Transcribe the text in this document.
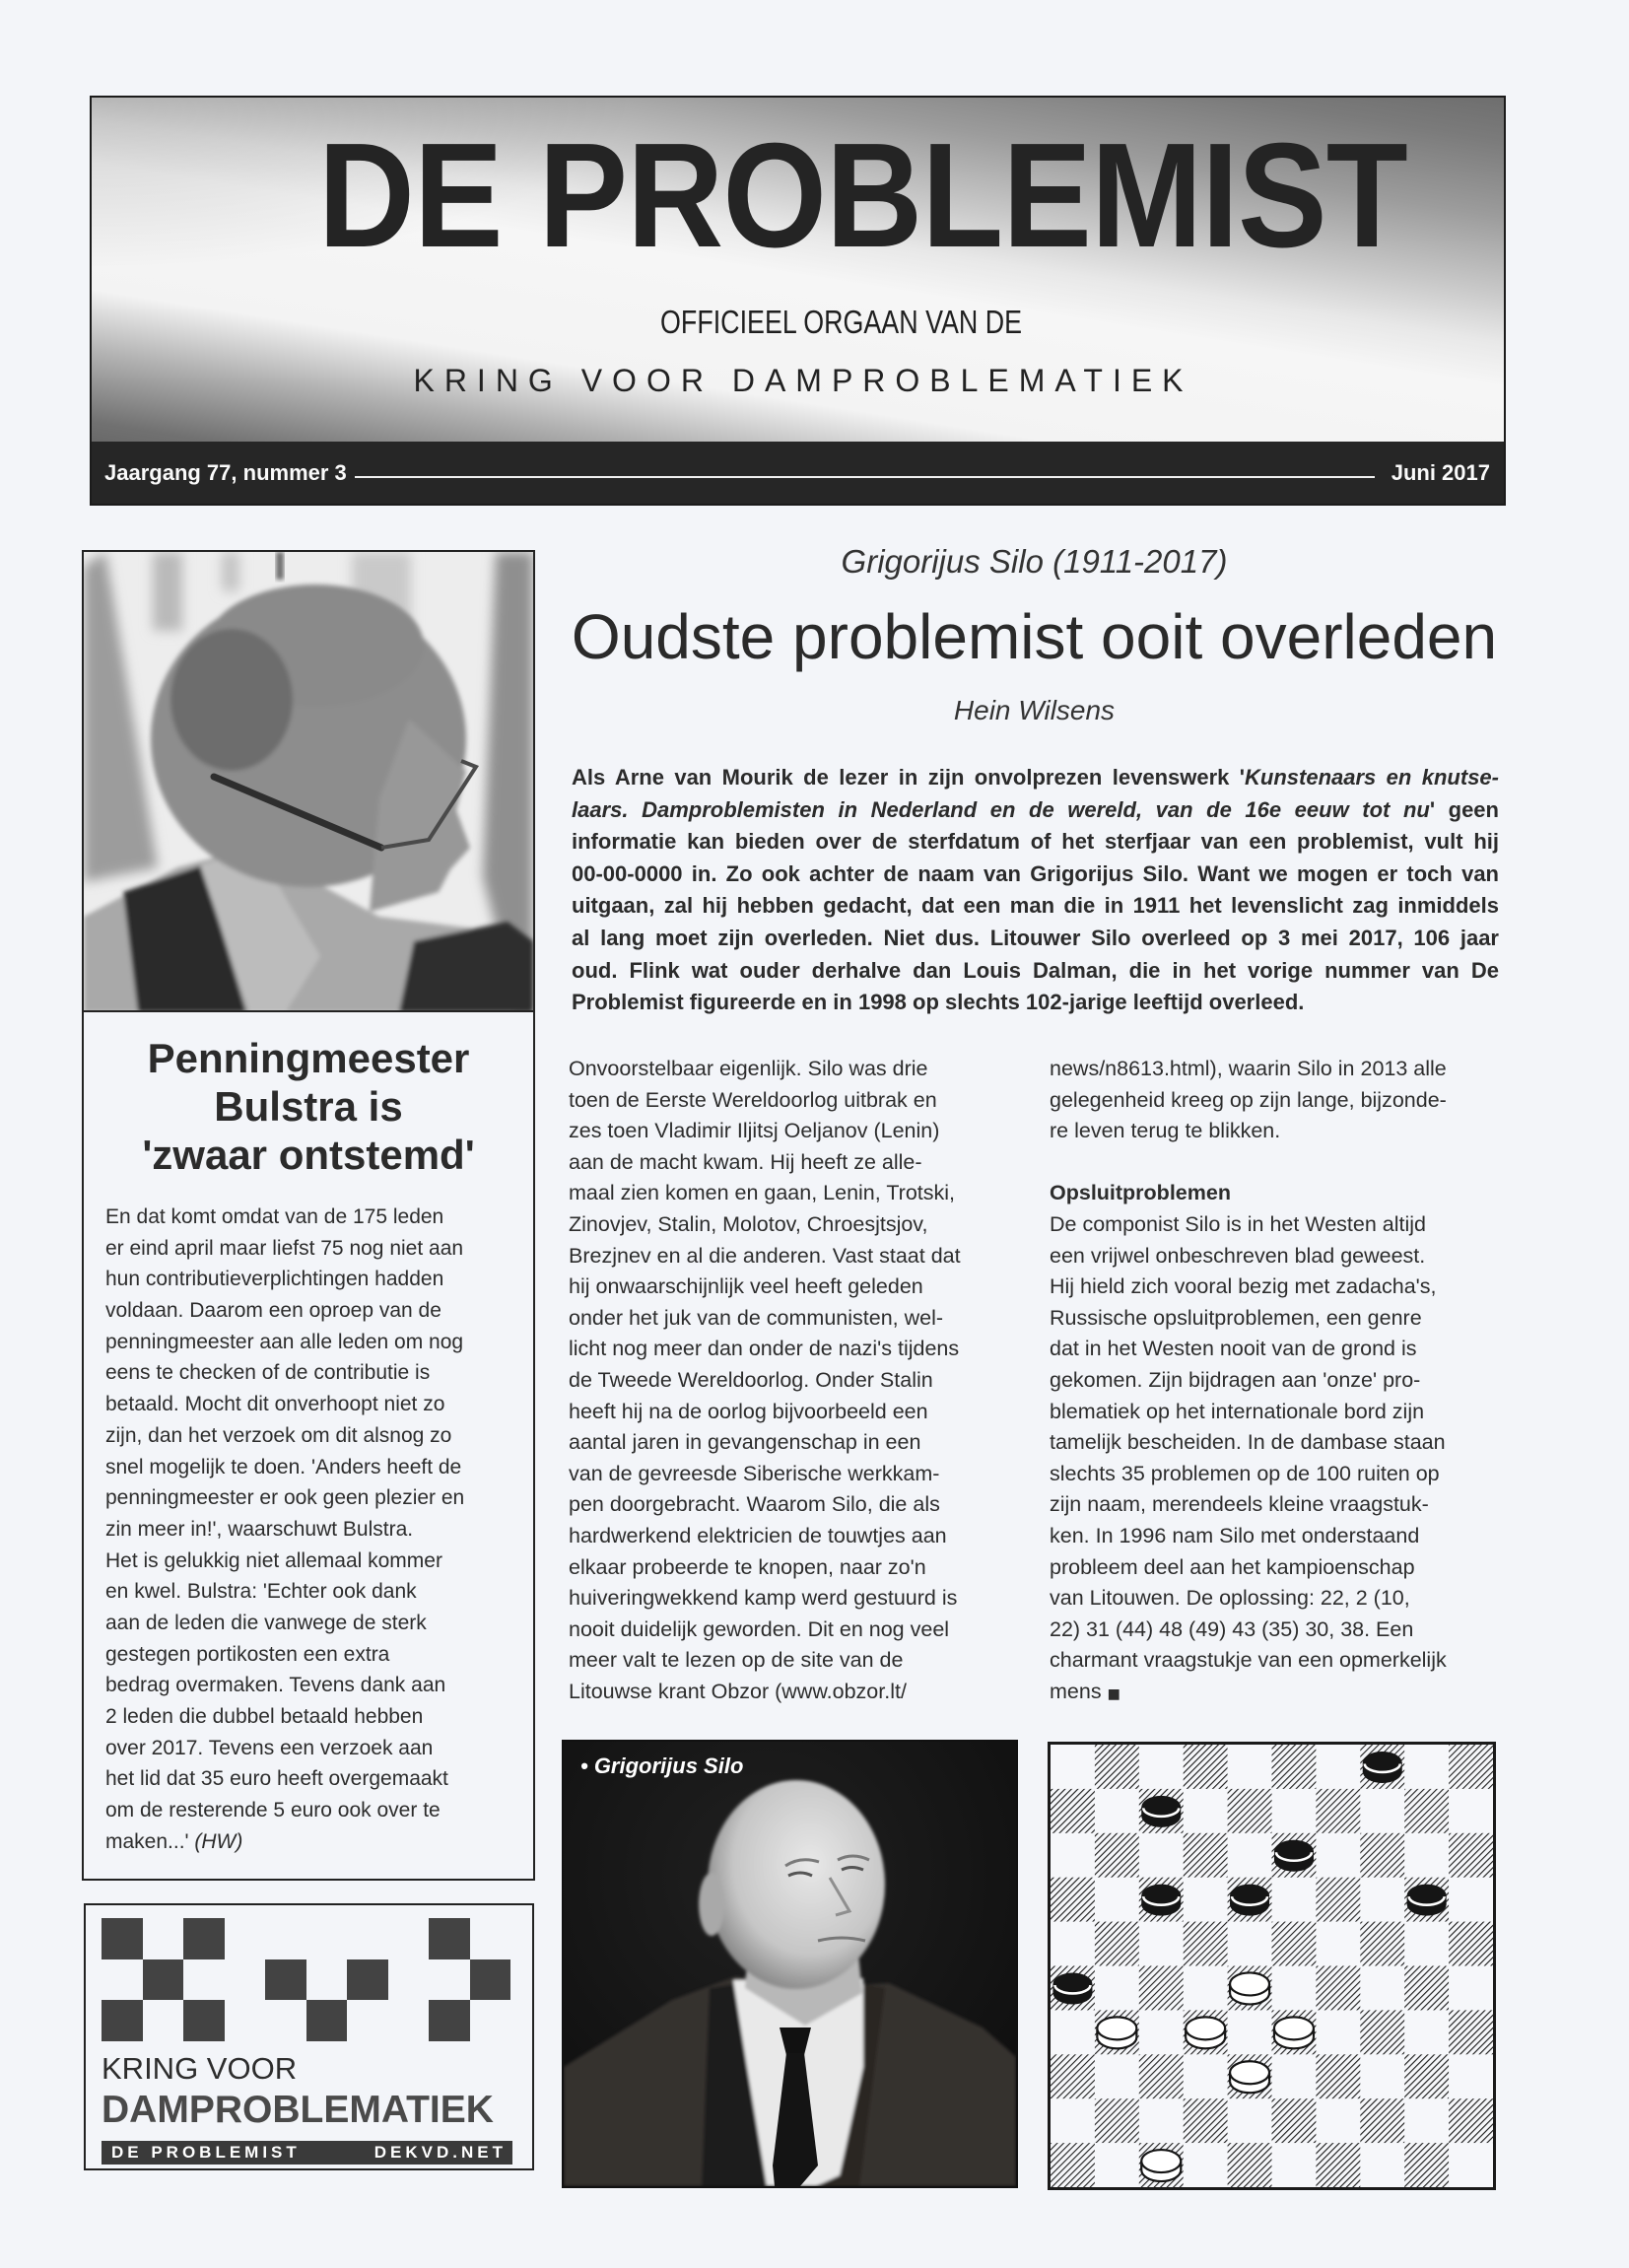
DE PROBLEMIST
OFFICIEEL ORGAAN VAN DE
KRING VOOR DAMPROBLEMATIEK
Jaargang 77, nummer 3	Juni 2017
Penningmeester
Bulstra is
'zwaar ontstemd'
En dat komt omdat van de 175 leden
er eind april maar liefst 75 nog niet aan
hun contributieverplichtingen hadden
voldaan. Daarom een oproep van de
penningmeester aan alle leden om nog
eens te checken of de contributie is
betaald. Mocht dit onverhoopt niet zo
zijn, dan het verzoek om dit alsnog zo
snel mogelijk te doen. 'Anders heeft de
penningmeester er ook geen plezier en
zin meer in!', waarschuwt Bulstra.
Het is gelukkig niet allemaal kommer
en kwel. Bulstra: 'Echter ook dank
aan de leden die vanwege de sterk
gestegen portikosten een extra
bedrag overmaken. Tevens dank aan
2 leden die dubbel betaald hebben
over 2017. Tevens een verzoek aan
het lid dat 35 euro heeft overgemaakt
om de resterende 5 euro ook over te
maken...' (HW)
KRING VOOR
DAMPROBLEMATIEK
DE PROBLEMIST	DEKVD.NET
Grigorijus Silo (1911-2017)
Oudste problemist ooit overleden
Hein Wilsens
Als Arne van Mourik de lezer in zijn onvolprezen levenswerk 'Kunstenaars en knutse-
laars. Damproblemisten in Nederland en de wereld, van de 16e eeuw tot nu' geen
informatie kan bieden over de sterfdatum of het sterfjaar van een problemist, vult hij
00-00-0000 in. Zo ook achter de naam van Grigorijus Silo. Want we mogen er toch van
uitgaan, zal hij hebben gedacht, dat een man die in 1911 het levenslicht zag inmiddels
al lang moet zijn overleden. Niet dus. Litouwer Silo overleed op 3 mei 2017, 106 jaar
oud. Flink wat ouder derhalve dan Louis Dalman, die in het vorige nummer van De
Problemist figureerde en in 1998 op slechts 102-jarige leeftijd overleed.
Onvoorstelbaar eigenlijk. Silo was drie
toen de Eerste Wereldoorlog uitbrak en
zes toen Vladimir Iljitsj Oeljanov (Lenin)
aan de macht kwam. Hij heeft ze alle-
maal zien komen en gaan, Lenin, Trotski,
Zinovjev, Stalin, Molotov, Chroesjtsjov,
Brezjnev en al die anderen. Vast staat dat
hij onwaarschijnlijk veel heeft geleden
onder het juk van de communisten, wel-
licht nog meer dan onder de nazi's tijdens
de Tweede Wereldoorlog. Onder Stalin
heeft hij na de oorlog bijvoorbeeld een
aantal jaren in gevangenschap in een
van de gevreesde Siberische werkkam-
pen doorgebracht. Waarom Silo, die als
hardwerkend elektricien de touwtjes aan
elkaar probeerde te knopen, naar zo'n
huiveringwekkend kamp werd gestuurd is
nooit duidelijk geworden. Dit en nog veel
meer valt te lezen op de site van de
Litouwse krant Obzor (www.obzor.lt/
news/n8613.html), waarin Silo in 2013 alle
gelegenheid kreeg op zijn lange, bijzonde-
re leven terug te blikken.
Opsluitproblemen
De componist Silo is in het Westen altijd
een vrijwel onbeschreven blad geweest.
Hij hield zich vooral bezig met zadacha's,
Russische opsluitproblemen, een genre
dat in het Westen nooit van de grond is
gekomen. Zijn bijdragen aan 'onze' pro-
blematiek op het internationale bord zijn
tamelijk bescheiden. In de dambase staan
slechts 35 problemen op de 100 ruiten op
zijn naam, merendeels kleine vraagstuk-
ken. In 1996 nam Silo met onderstaand
probleem deel aan het kampioenschap
van Litouwen. De oplossing: 22, 2 (10,
22) 31 (44) 48 (49) 43 (35) 30, 38. Een
charmant vraagstukje van een opmerkelijk
mens ■
• Grigorijus Silo
